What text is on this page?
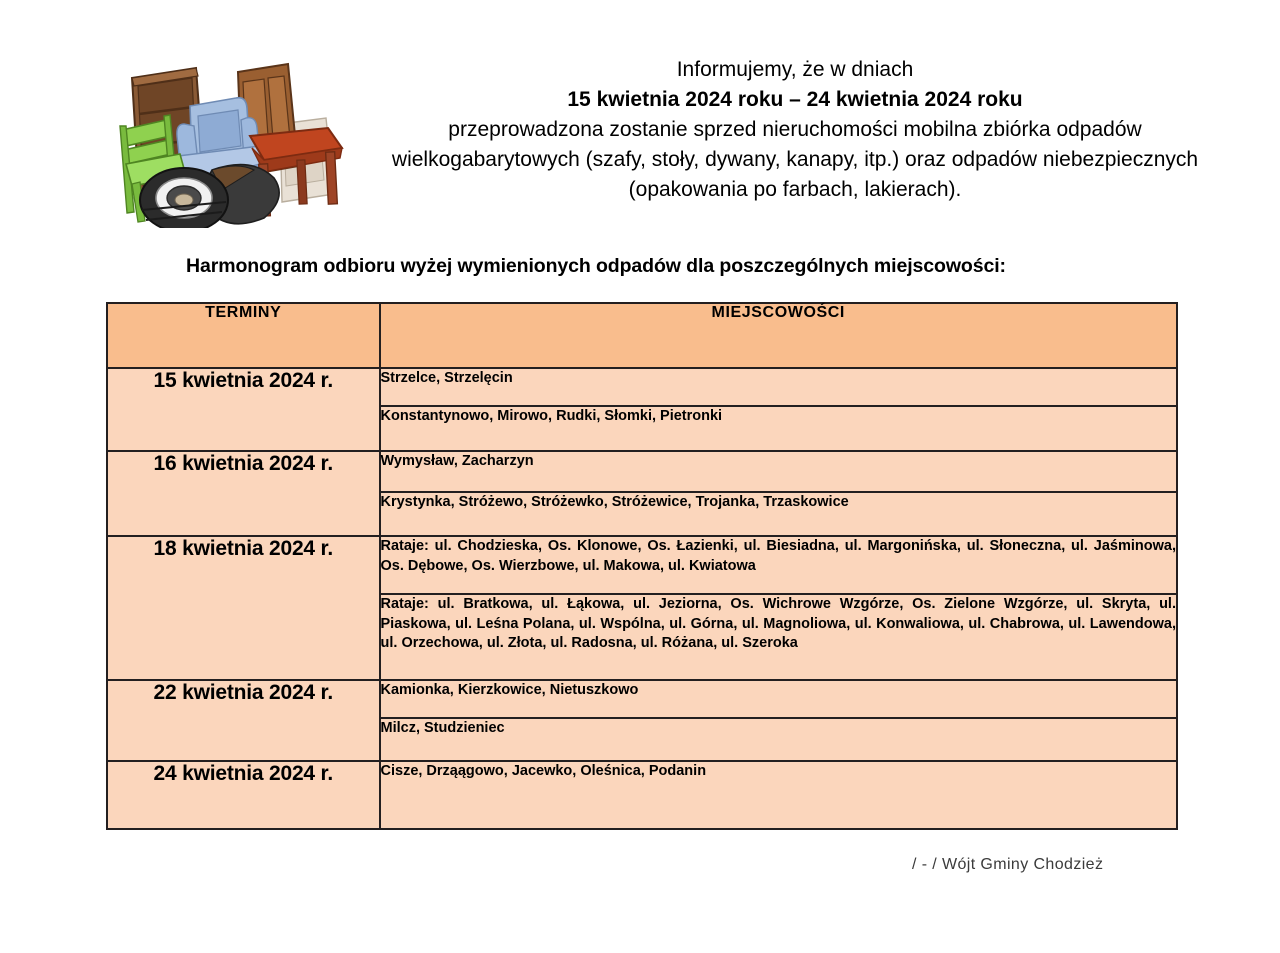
Informujemy, że w dniach
15 kwietnia 2024 roku – 24 kwietnia 2024 roku
przeprowadzona zostanie sprzed nieruchomości mobilna zbiórka odpadów
wielkogabarytowych (szafy, stoły, dywany, kanapy, itp.) oraz odpadów niebezpiecznych
(opakowania po farbach, lakierach).
Harmonogram odbioru wyżej wymienionych odpadów dla poszczególnych miejscowości:
TERMINY	MIEJSCOWOŚCI
15 kwietnia 2024 r.	Strzelce, Strzelęcin
	Konstantynowo, Mirowo, Rudki, Słomki, Pietronki
16 kwietnia 2024 r.	Wymysław, Zacharzyn
	Krystynka, Stróżewo, Stróżewko, Stróżewice, Trojanka, Trzaskowice
18 kwietnia 2024 r.	Rataje: ul. Chodzieska, Os. Klonowe, Os. Łazienki, ul. Biesiadna, ul. Margonińska, ul. Słoneczna, ul. Jaśminowa, Os. Dębowe, Os. Wierzbowe, ul. Makowa, ul. Kwiatowa
	Rataje: ul. Bratkowa, ul. Łąkowa, ul. Jeziorna, Os. Wichrowe Wzgórze, Os. Zielone Wzgórze, ul. Skryta, ul. Piaskowa, ul. Leśna Polana, ul. Wspólna, ul. Górna, ul. Magnoliowa, ul. Konwaliowa, ul. Chabrowa, ul. Lawendowa, ul. Orzechowa, ul. Złota, ul. Radosna, ul. Różana, ul. Szeroka
22 kwietnia 2024 r.	Kamionka, Kierzkowice, Nietuszkowo
	Milcz, Studzieniec
24 kwietnia 2024 r.	Cisze, Drząągowo, Jacewko, Oleśnica, Podanin
/ - / Wójt Gminy Chodzież
